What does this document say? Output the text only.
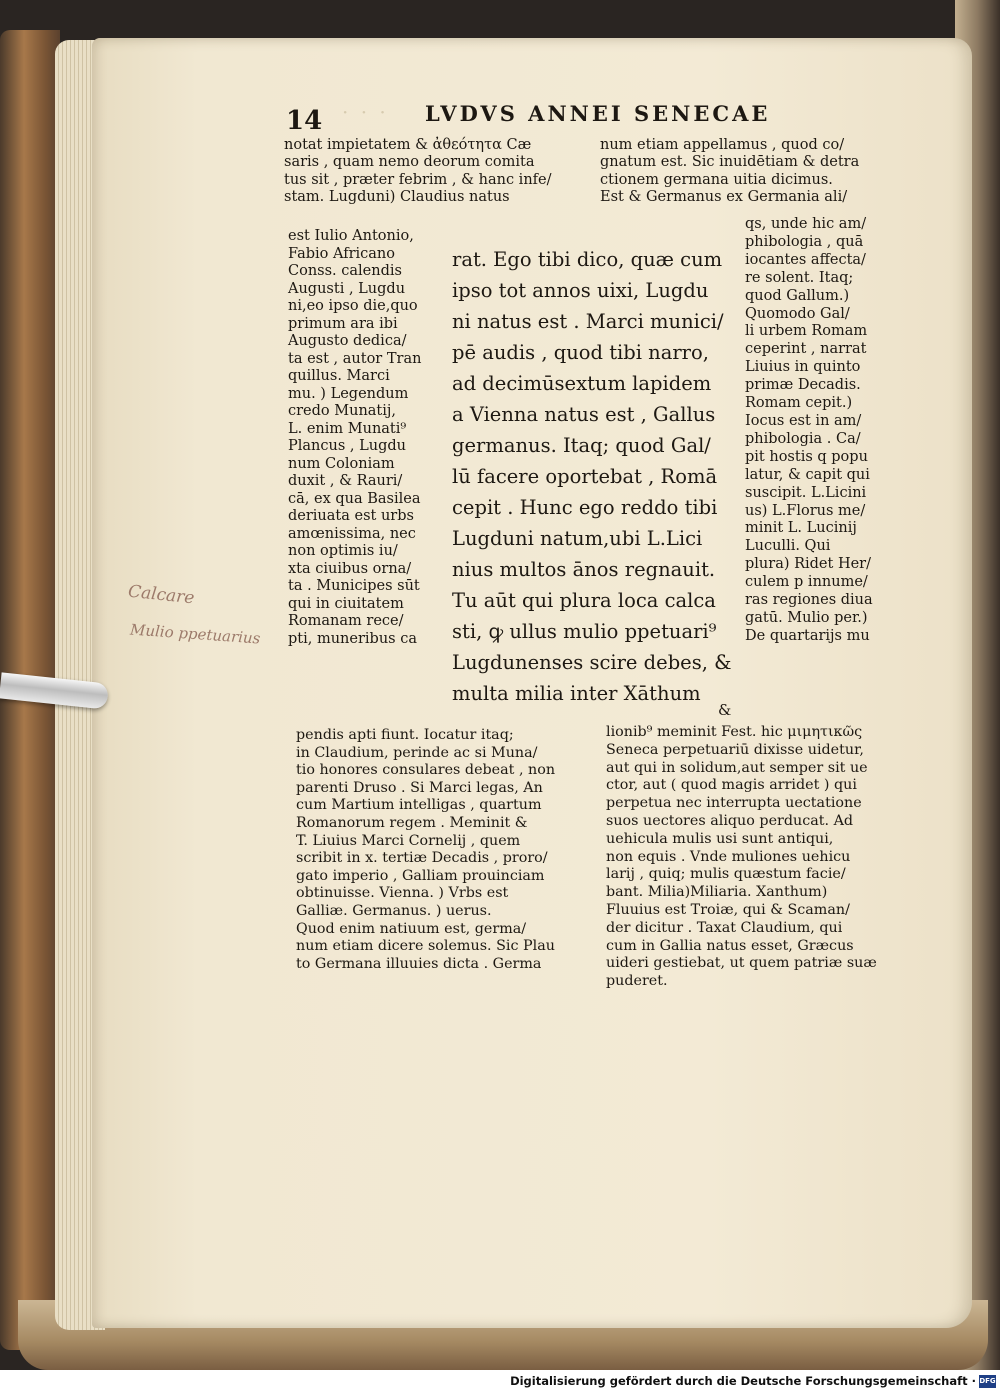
· · ·
14	LVDVS ANNEI SENECAE
notat impietatem & ἀθεότητα Cæ
saris , quam nemo deorum comita
tus sit , præter febrim , & hanc infe/
stam. Lugduni) Claudius natus
num etiam appellamus , quod co/
gnatum est. Sic inuidētiam & detra
ctionem germana uitia dicimus.
Est & Germanus ex Germania ali/
est Iulio Antonio,
Fabio Africano
Conss. calendis
Augusti , Lugdu
ni,eo ipso die,quo
primum ara ibi
Augusto dedica/
ta est , autor Tran
quillus. Marci
mu. ) Legendum
credo Munatij,
L. enim Munati⁹
Plancus , Lugdu
num Coloniam
duxit , & Rauri/
cā, ex qua Basilea
deriuata est urbs
amœnissima, nec
non optimis iu/
xta ciuibus orna/
ta . Municipes sūt
qui in ciuitatem
Romanam rece/
pti, muneribus ca
rat. Ego tibi dico, quæ cum
ipso tot annos uixi, Lugdu
ni natus est . Marci munici/
pē audis , quod tibi narro,
ad decimūsextum lapidem
a Vienna natus est , Gallus
germanus. Itaq; quod Gal/
lū facere oportebat , Romā
cepit . Hunc ego reddo tibi
Lugduni natum,ubi L.Lici
nius multos ānos regnauit.
Tu aūt qui plura loca calca
sti, ꝙ ullus mulio ppetuari⁹
Lugdunenses scire debes, &
multa milia inter Xāthum
qs, unde hic am/
phibologia , quā
iocantes affecta/
re solent. Itaq;
quod Gallum.)
Quomodo Gal/
li urbem Romam
ceperint , narrat
Liuius in quinto
primæ Decadis.
Romam cepit.)
Iocus est in am/
phibologia . Ca/
pit hostis q popu
latur, & capit qui
suscipit. L.Licini
us) L.Florus me/
minit L. Lucinij
Luculli. Qui
plura) Ridet Her/
culem p innume/
ras regiones diua
gatū. Mulio per.)
De quartarijs mu
&
pendis apti fiunt. Iocatur itaq;
in Claudium, perinde ac si Muna/
tio honores consulares debeat , non
parenti Druso . Si Marci legas, An
cum Martium intelligas , quartum
Romanorum regem . Meminit &
T. Liuius Marci Cornelij , quem
scribit in x. tertiæ Decadis , proro/
gato imperio , Galliam prouinciam
obtinuisse. Vienna. ) Vrbs est
Galliæ. Germanus. ) uerus.
Quod enim natiuum est, germa/
num etiam dicere solemus. Sic Plau
to Germana illuuies dicta . Germa
lionib⁹ meminit Fest. hic μιμητικῶς
Seneca perpetuariū dixisse uidetur,
aut qui in solidum,aut semper sit ue
ctor, aut ( quod magis arridet ) qui
perpetua nec interrupta uectatione
suos uectores aliquo perducat. Ad
uehicula mulis usi sunt antiqui,
non equis . Vnde muliones uehicu
larij , quiq; mulis quæstum facie/
bant. Milia)Miliaria. Xanthum)
Fluuius est Troiæ, qui & Scaman/
der dicitur . Taxat Claudium, qui
cum in Gallia natus esset, Græcus
uideri gestiebat, ut quem patriæ suæ
puderet.
Calcare
Mulio ppetuarius
Digitalisierung gefördert durch die Deutsche Forschungsgemeinschaft · DFG
